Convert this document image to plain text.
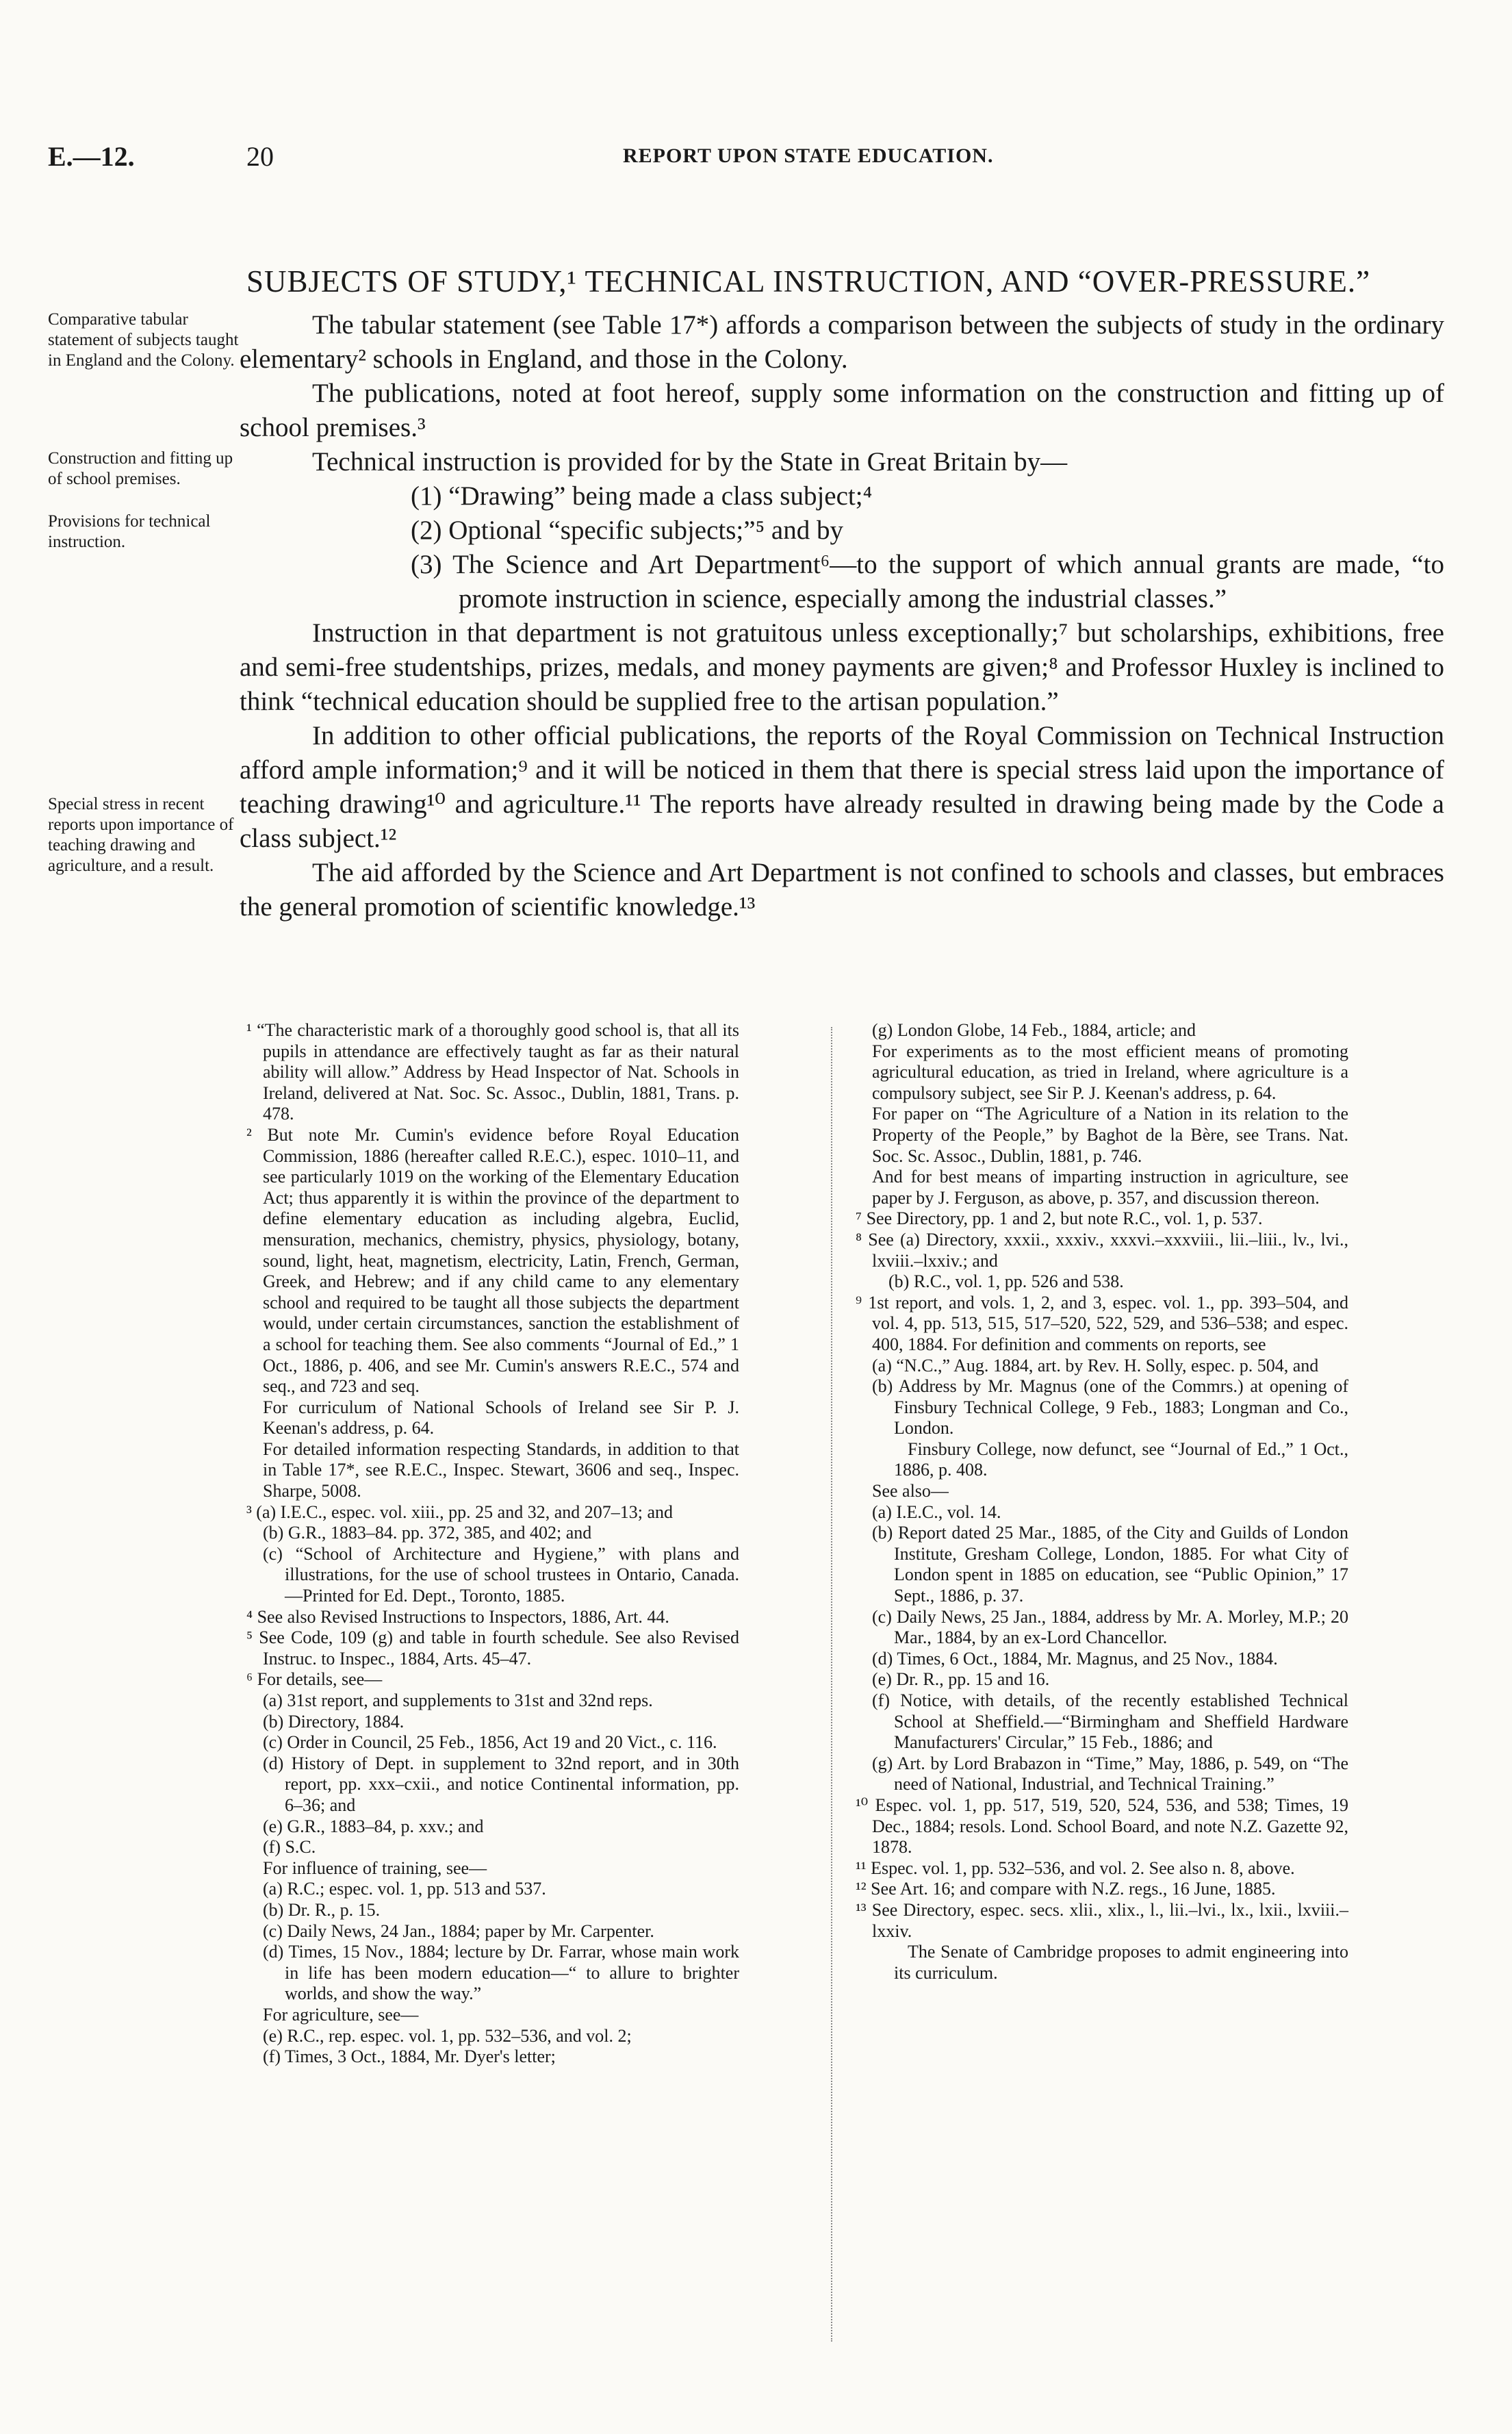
E.—12.	20	REPORT UPON STATE EDUCATION.
SUBJECTS OF STUDY,¹ TECHNICAL INSTRUCTION, AND “OVER-PRESSURE.”
Comparative tabular statement of subjects taught in England and the Colony.
Construction and fitting up of school premises.
Provisions for technical instruction.
Special stress in recent reports upon importance of teaching drawing and agriculture, and a result.

The tabular statement (see Table 17*) affords a comparison between the subjects of study in the ordinary elementary² schools in England, and those in the Colony.

The publications, noted at foot hereof, supply some information on the construction and fitting up of school premises.³

Technical instruction is provided for by the State in Great Britain by—

(1) “Drawing” being made a class subject;⁴

(2) Optional “specific subjects;”⁵ and by

(3) The Science and Art Department⁶—to the support of which annual grants are made, “to promote instruction in science, especially among the industrial classes.”

Instruction in that department is not gratuitous unless exceptionally;⁷ but scholarships, exhibitions, free and semi-free studentships, prizes, medals, and money payments are given;⁸ and Professor Huxley is inclined to think “technical education should be supplied free to the artisan population.”

In addition to other official publications, the reports of the Royal Commission on Technical Instruction afford ample information;⁹ and it will be noticed in them that there is special stress laid upon the importance of teaching drawing¹⁰ and agriculture.¹¹ The reports have already resulted in drawing being made by the Code a class subject.¹²

The aid afforded by the Science and Art Department is not confined to schools and classes, but embraces the general promotion of scientific knowledge.¹³

¹ “The characteristic mark of a thoroughly good school is, that all its pupils in attendance are effectively taught as far as their natural ability will allow.” Address by Head Inspector of Nat. Schools in Ireland, delivered at Nat. Soc. Sc. Assoc., Dublin, 1881, Trans. p. 478.

² But note Mr. Cumin's evidence before Royal Education Commission, 1886 (hereafter called R.E.C.), espec. 1010–11, and see particularly 1019 on the working of the Elementary Education Act; thus apparently it is within the province of the department to define elementary education as including algebra, Euclid, mensuration, mechanics, chemistry, physics, physiology, botany, sound, light, heat, magnetism, electricity, Latin, French, German, Greek, and Hebrew; and if any child came to any elementary school and required to be taught all those subjects the department would, under certain circumstances, sanction the establishment of a school for teaching them. See also comments “Journal of Ed.,” 1 Oct., 1886, p. 406, and see Mr. Cumin's answers R.E.C., 574 and seq., and 723 and seq.

For curriculum of National Schools of Ireland see Sir P. J. Keenan's address, p. 64.

For detailed information respecting Standards, in addition to that in Table 17*, see R.E.C., Inspec. Stewart, 3606 and seq., Inspec. Sharpe, 5008.

³ (a) I.E.C., espec. vol. xiii., pp. 25 and 32, and 207–13; and

(b) G.R., 1883–84. pp. 372, 385, and 402; and

(c) “School of Architecture and Hygiene,” with plans and illustrations, for the use of school trustees in Ontario, Canada.—Printed for Ed. Dept., Toronto, 1885.

⁴ See also Revised Instructions to Inspectors, 1886, Art. 44.

⁵ See Code, 109 (g) and table in fourth schedule. See also Revised Instruc. to Inspec., 1884, Arts. 45–47.

⁶ For details, see—

(a) 31st report, and supplements to 31st and 32nd reps.

(b) Directory, 1884.

(c) Order in Council, 25 Feb., 1856, Act 19 and 20 Vict., c. 116.

(d) History of Dept. in supplement to 32nd report, and in 30th report, pp. xxx–cxii., and notice Continental information, pp. 6–36; and

(e) G.R., 1883–84, p. xxv.; and

(f) S.C.

For influence of training, see—

(a) R.C.; espec. vol. 1, pp. 513 and 537.

(b) Dr. R., p. 15.

(c) Daily News, 24 Jan., 1884; paper by Mr. Carpenter.

(d) Times, 15 Nov., 1884; lecture by Dr. Farrar, whose main work in life has been modern education—“ to allure to brighter worlds, and show the way.”

For agriculture, see—

(e) R.C., rep. espec. vol. 1, pp. 532–536, and vol. 2;

(f) Times, 3 Oct., 1884, Mr. Dyer's letter;

(g) London Globe, 14 Feb., 1884, article; and

For experiments as to the most efficient means of promoting agricultural education, as tried in Ireland, where agriculture is a compulsory subject, see Sir P. J. Keenan's address, p. 64.

For paper on “The Agriculture of a Nation in its relation to the Property of the People,” by Baghot de la Bère, see Trans. Nat. Soc. Sc. Assoc., Dublin, 1881, p. 746.

And for best means of imparting instruction in agriculture, see paper by J. Ferguson, as above, p. 357, and discussion thereon.

⁷ See Directory, pp. 1 and 2, but note R.C., vol. 1, p. 537.

⁸ See (a) Directory, xxxii., xxxiv., xxxvi.–xxxviii., lii.–liii., lv., lvi., lxviii.–lxxiv.; and

(b) R.C., vol. 1, pp. 526 and 538.

⁹ 1st report, and vols. 1, 2, and 3, espec. vol. 1., pp. 393–504, and vol. 4, pp. 513, 515, 517–520, 522, 529, and 536–538; and espec. 400, 1884. For definition and comments on reports, see

(a) “N.C.,” Aug. 1884, art. by Rev. H. Solly, espec. p. 504, and

(b) Address by Mr. Magnus (one of the Commrs.) at opening of Finsbury Technical College, 9 Feb., 1883; Longman and Co., London.

Finsbury College, now defunct, see “Journal of Ed.,” 1 Oct., 1886, p. 408.

See also—

(a) I.E.C., vol. 14.

(b) Report dated 25 Mar., 1885, of the City and Guilds of London Institute, Gresham College, London, 1885. For what City of London spent in 1885 on education, see “Public Opinion,” 17 Sept., 1886, p. 37.

(c) Daily News, 25 Jan., 1884, address by Mr. A. Morley, M.P.; 20 Mar., 1884, by an ex-Lord Chancellor.

(d) Times, 6 Oct., 1884, Mr. Magnus, and 25 Nov., 1884.

(e) Dr. R., pp. 15 and 16.

(f) Notice, with details, of the recently established Technical School at Sheffield.—“Birmingham and Sheffield Hardware Manufacturers' Circular,” 15 Feb., 1886; and

(g) Art. by Lord Brabazon in “Time,” May, 1886, p. 549, on “The need of National, Industrial, and Technical Training.”

¹⁰ Espec. vol. 1, pp. 517, 519, 520, 524, 536, and 538; Times, 19 Dec., 1884; resols. Lond. School Board, and note N.Z. Gazette 92, 1878.

¹¹ Espec. vol. 1, pp. 532–536, and vol. 2. See also n. 8, above.

¹² See Art. 16; and compare with N.Z. regs., 16 June, 1885.

¹³ See Directory, espec. secs. xlii., xlix., l., lii.–lvi., lx., lxii., lxviii.–lxxiv.

The Senate of Cambridge proposes to admit engineering into its curriculum.
